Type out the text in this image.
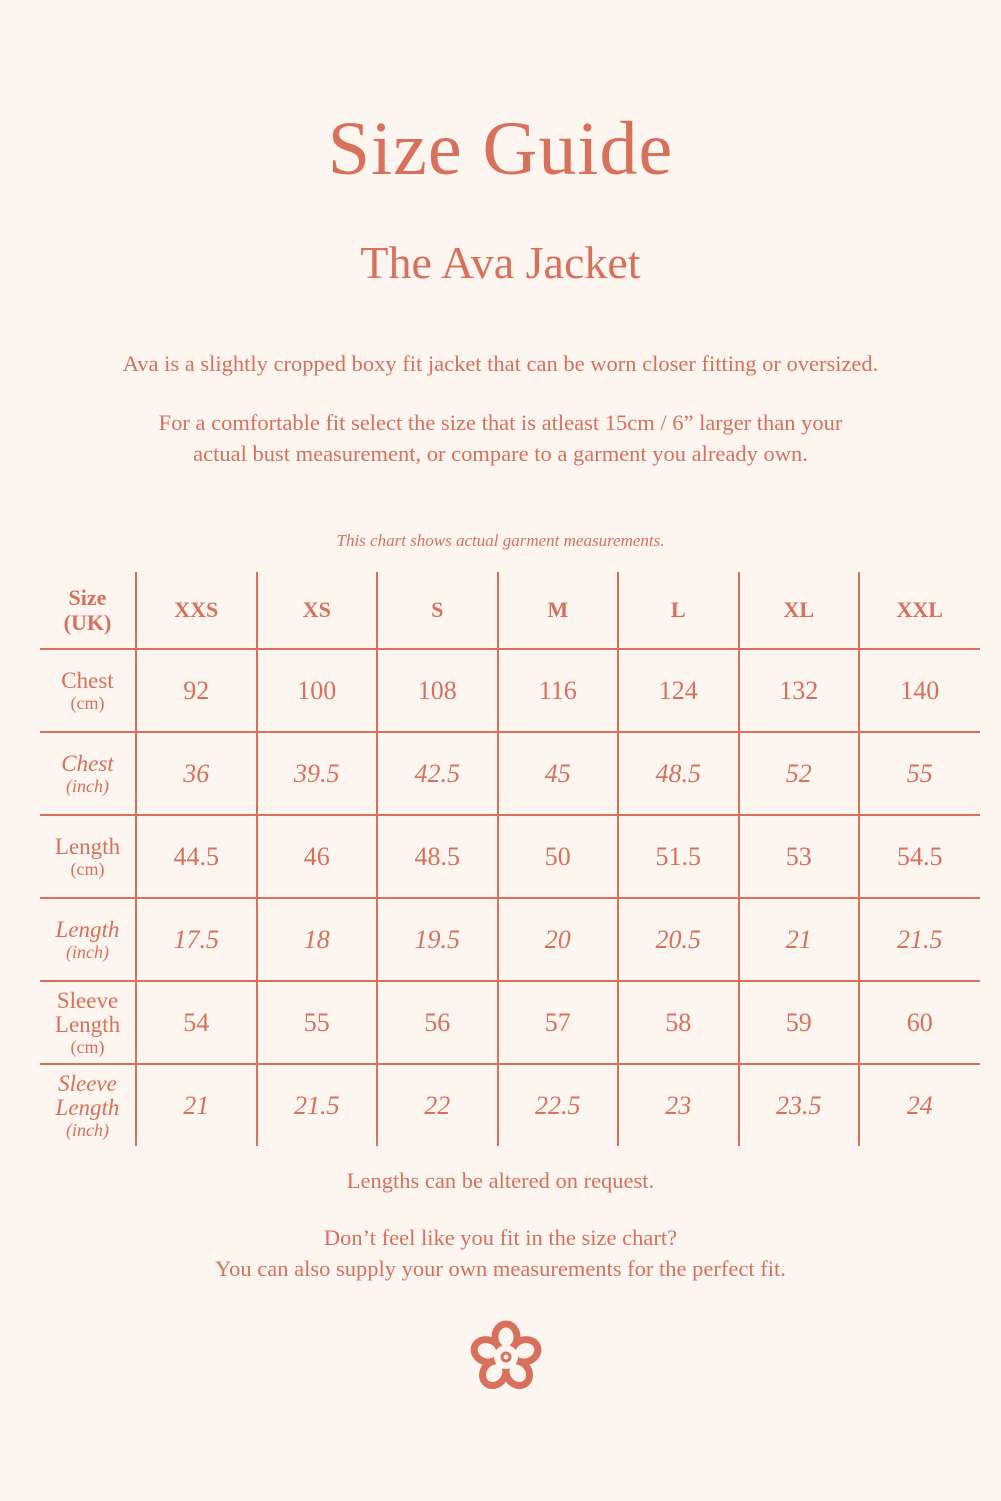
Size Guide
The Ava Jacket

Ava is a slightly cropped boxy fit jacket that can be worn closer fitting or oversized.

For a comfortable fit select the size that is atleast 15cm / 6” larger than your

actual bust measurement, or compare to a garment you already own.

This chart shows actual garment measurements.
Size
(UK)	XXS	XS	S	M	L	XL	XXL
Chest

(cm)	92	100	108	116	124	132	140
Chest

(inch)	36	39.5	42.5	45	48.5	52	55
Length

(cm)	44.5	46	48.5	50	51.5	53	54.5
Length

(inch)	17.5	18	19.5	20	20.5	21	21.5
Sleeve
Length

(cm)	54	55	56	57	58	59	60
Sleeve
Length

(inch)	21	21.5	22	22.5	23	23.5	24

Lengths can be altered on request.

Don’t feel like you fit in the size chart?

You can also supply your own measurements for the perfect fit.
